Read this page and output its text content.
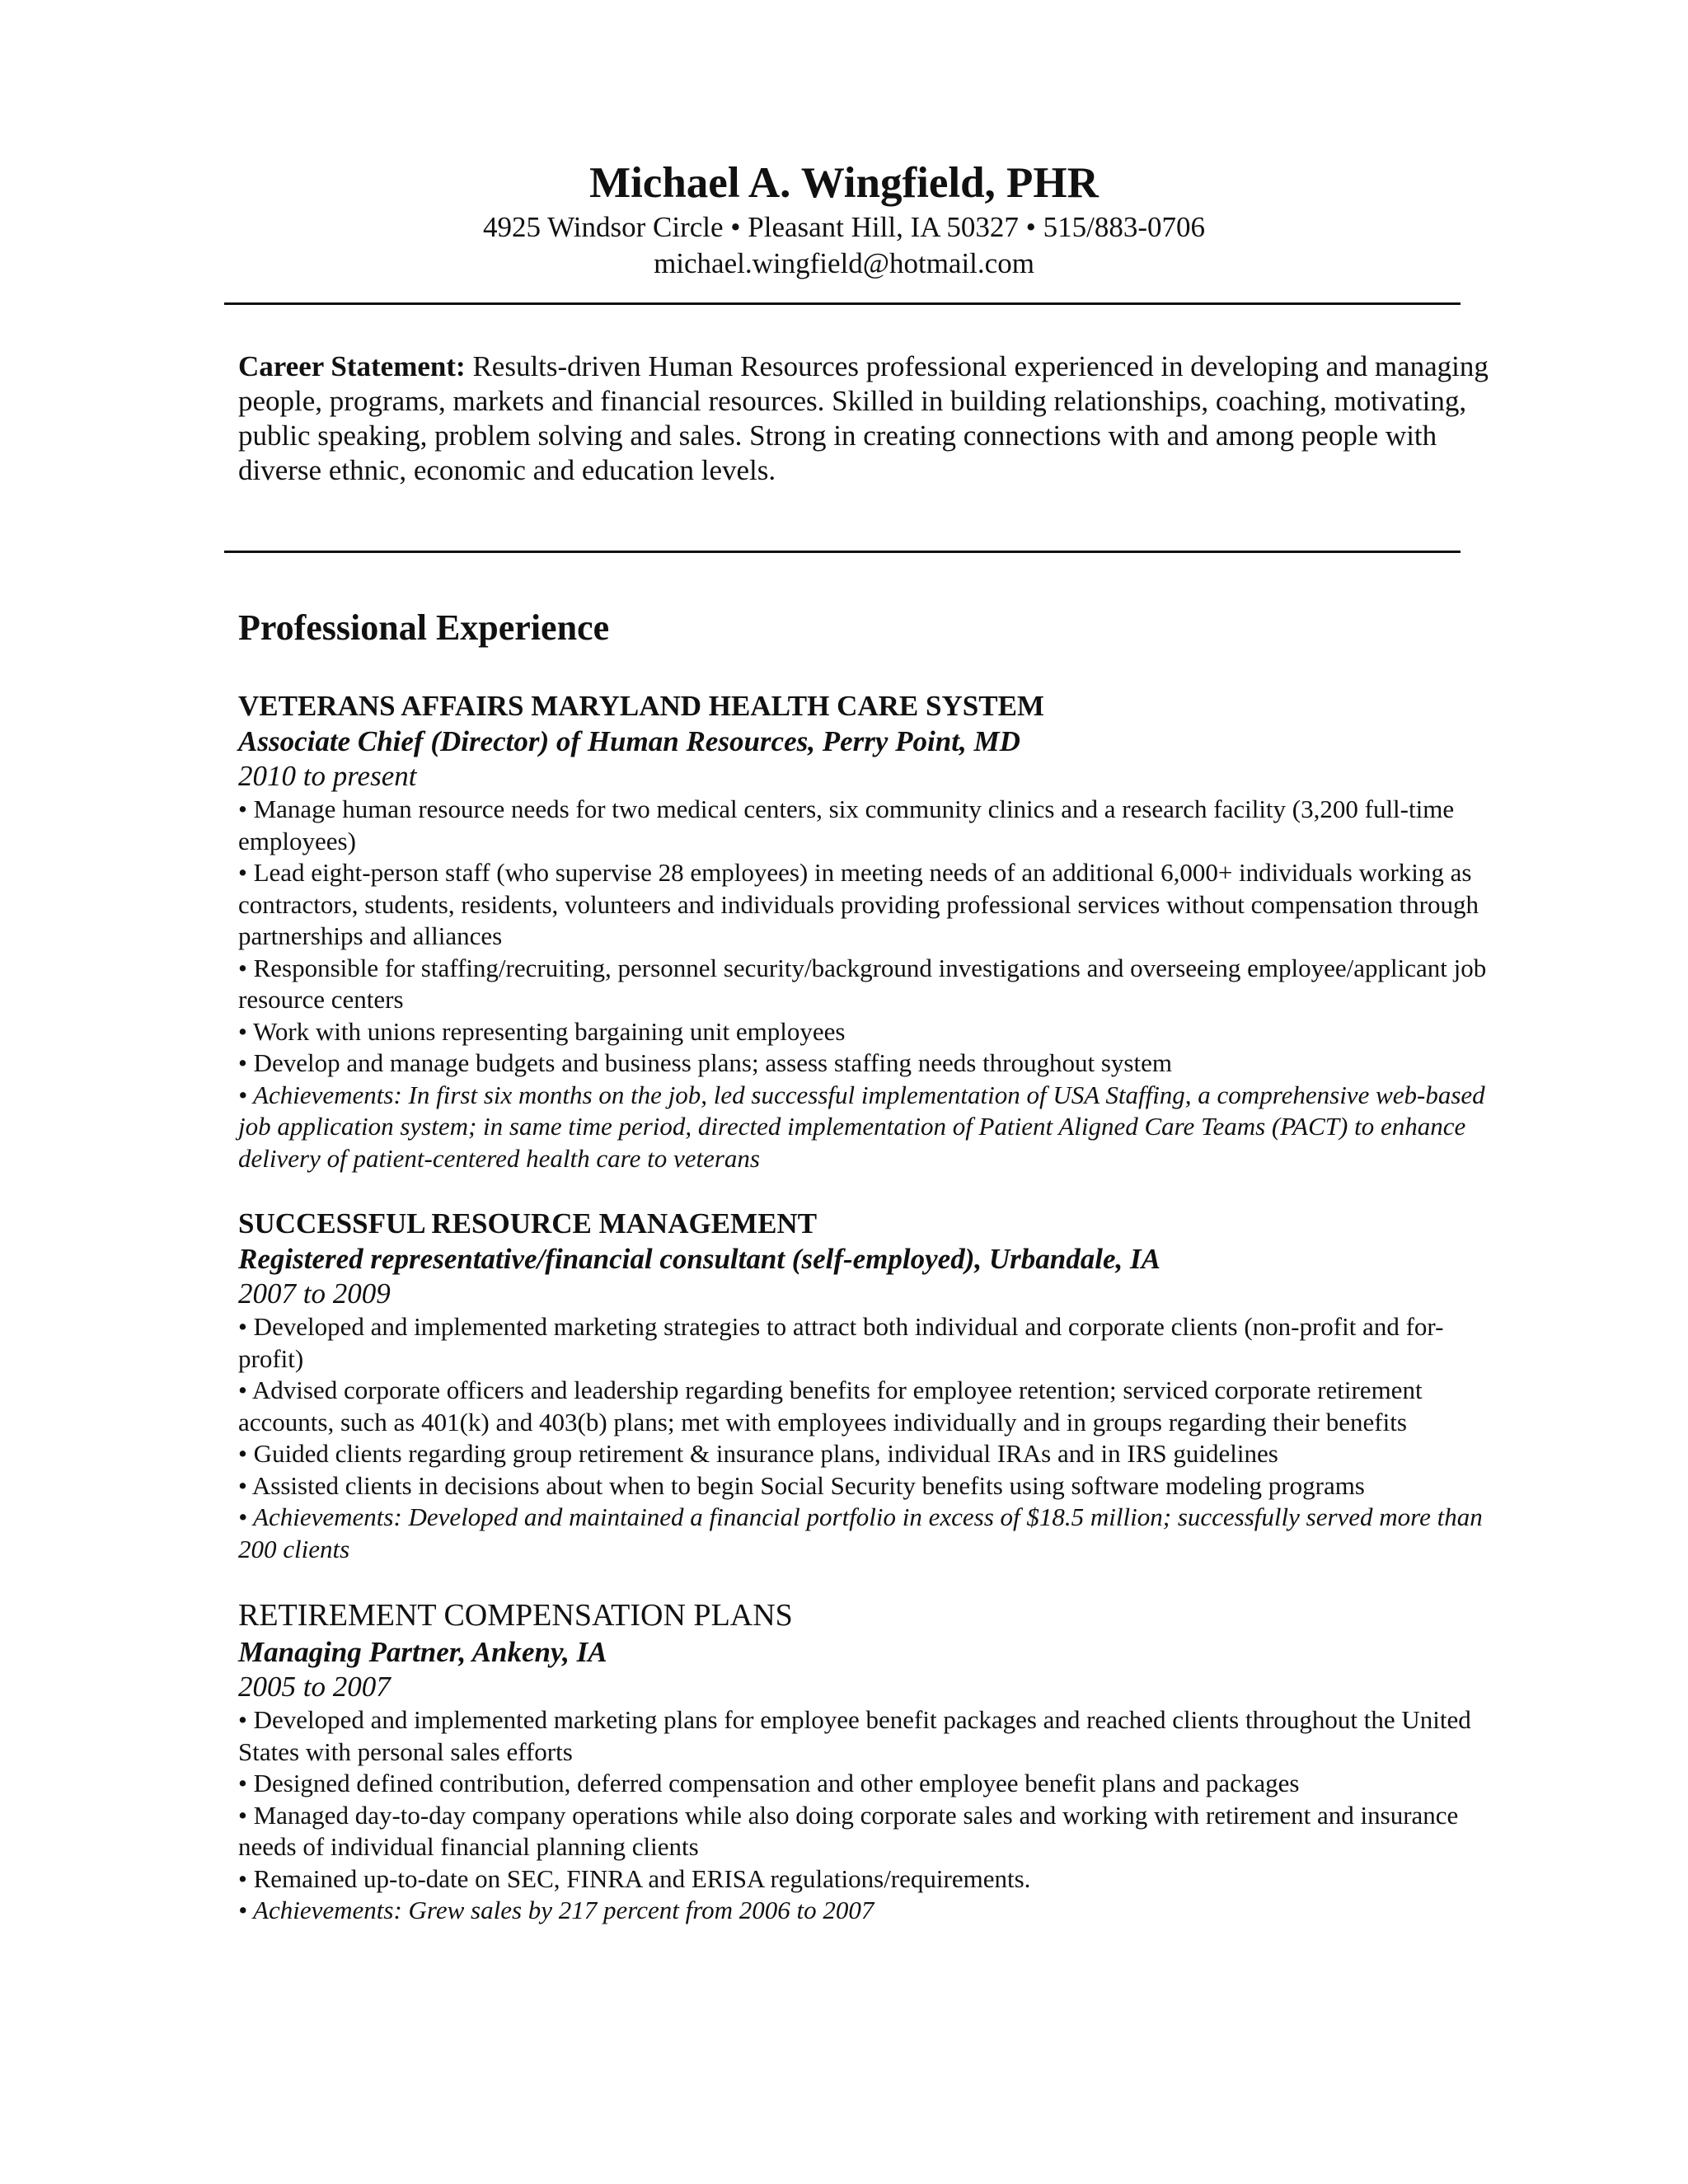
Michael A. Wingfield, PHR
4925 Windsor Circle • Pleasant Hill, IA 50327 • 515/883-0706
michael.wingfield@hotmail.com
Career Statement: Results-driven Human Resources professional experienced in developing and managing people, programs, markets and financial resources. Skilled in building relationships, coaching, motivating, public speaking, problem solving and sales. Strong in creating connections with and among people with diverse ethnic, economic and education levels.
Professional Experience
VETERANS AFFAIRS MARYLAND HEALTH CARE SYSTEM
Associate Chief (Director) of Human Resources, Perry Point, MD
2010 to present
• Manage human resource needs for two medical centers, six community clinics and a research facility (3,200 full-time employees)
• Lead eight-person staff (who supervise 28 employees) in meeting needs of an additional 6,000+ individuals working as contractors, students, residents, volunteers and individuals providing professional services without compensation through partnerships and alliances
• Responsible for staffing/recruiting, personnel security/background investigations and overseeing employee/applicant job resource centers
• Work with unions representing bargaining unit employees
• Develop and manage budgets and business plans; assess staffing needs throughout system
• Achievements: In first six months on the job, led successful implementation of USA Staffing, a comprehensive web-based job application system; in same time period, directed implementation of Patient Aligned Care Teams (PACT) to enhance delivery of patient-centered health care to veterans
SUCCESSFUL RESOURCE MANAGEMENT
Registered representative/financial consultant (self-employed), Urbandale, IA
2007 to 2009
• Developed and implemented marketing strategies to attract both individual and corporate clients (non-profit and for-profit)
• Advised corporate officers and leadership regarding benefits for employee retention; serviced corporate retirement accounts, such as 401(k) and 403(b) plans; met with employees individually and in groups regarding their benefits
• Guided clients regarding group retirement & insurance plans, individual IRAs and in IRS guidelines
• Assisted clients in decisions about when to begin Social Security benefits using software modeling programs
• Achievements: Developed and maintained a financial portfolio in excess of $18.5 million; successfully served more than 200 clients
RETIREMENT COMPENSATION PLANS
Managing Partner, Ankeny, IA
2005 to 2007
• Developed and implemented marketing plans for employee benefit packages and reached clients throughout the United States with personal sales efforts
• Designed defined contribution, deferred compensation and other employee benefit plans and packages
• Managed day-to-day company operations while also doing corporate sales and working with retirement and insurance needs of individual financial planning clients
• Remained up-to-date on SEC, FINRA and ERISA regulations/requirements.
• Achievements: Grew sales by 217 percent from 2006 to 2007
